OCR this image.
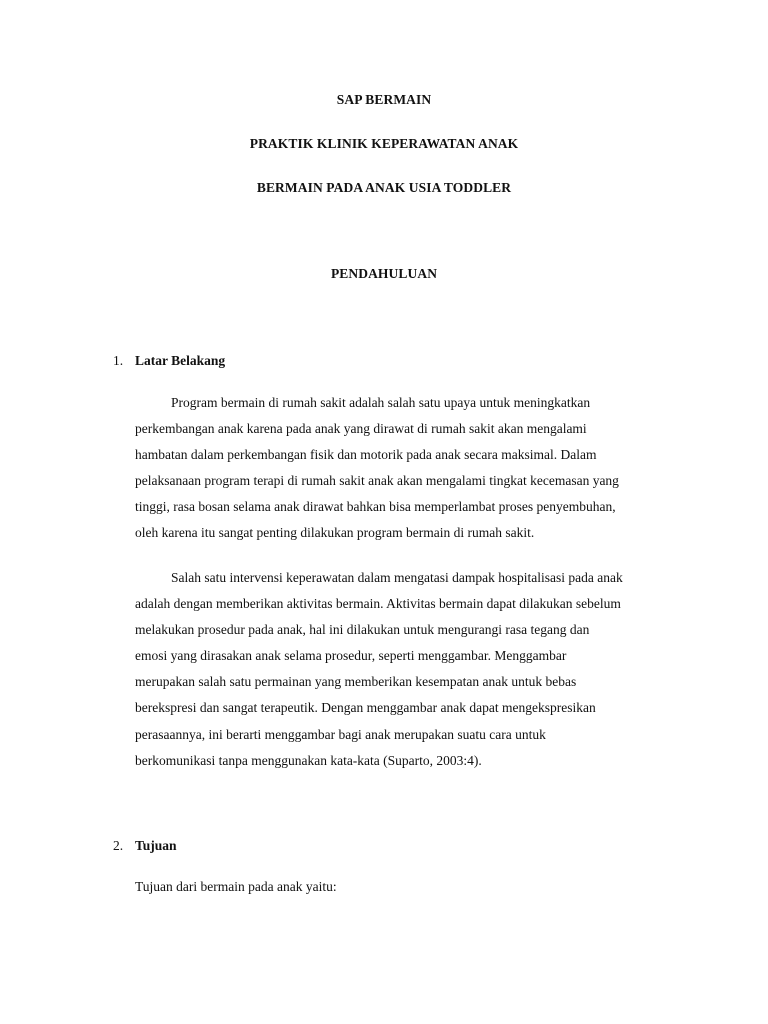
SAP BERMAIN
PRAKTIK KLINIK KEPERAWATAN ANAK
BERMAIN PADA ANAK USIA TODDLER
PENDAHULUAN
1. Latar Belakang
Program bermain di rumah sakit adalah salah satu upaya untuk meningkatkan
perkembangan anak karena pada anak yang dirawat di rumah sakit akan mengalami
hambatan dalam perkembangan fisik dan motorik pada anak secara maksimal. Dalam
pelaksanaan program terapi di rumah sakit anak akan mengalami tingkat kecemasan yang
tinggi, rasa bosan selama anak dirawat bahkan bisa memperlambat proses penyembuhan,
oleh karena itu sangat penting dilakukan program bermain di rumah sakit.
Salah satu intervensi keperawatan dalam mengatasi dampak hospitalisasi pada anak
adalah dengan memberikan aktivitas bermain. Aktivitas bermain dapat dilakukan sebelum
melakukan prosedur pada anak, hal ini dilakukan untuk mengurangi rasa tegang dan
emosi yang dirasakan anak selama prosedur, seperti menggambar. Menggambar
merupakan salah satu permainan yang memberikan kesempatan anak untuk bebas
berekspresi dan sangat terapeutik. Dengan menggambar anak dapat mengekspresikan
perasaannya, ini berarti menggambar bagi anak merupakan suatu cara untuk
berkomunikasi tanpa menggunakan kata-kata (Suparto, 2003:4).
2. Tujuan
Tujuan dari bermain pada anak yaitu:
